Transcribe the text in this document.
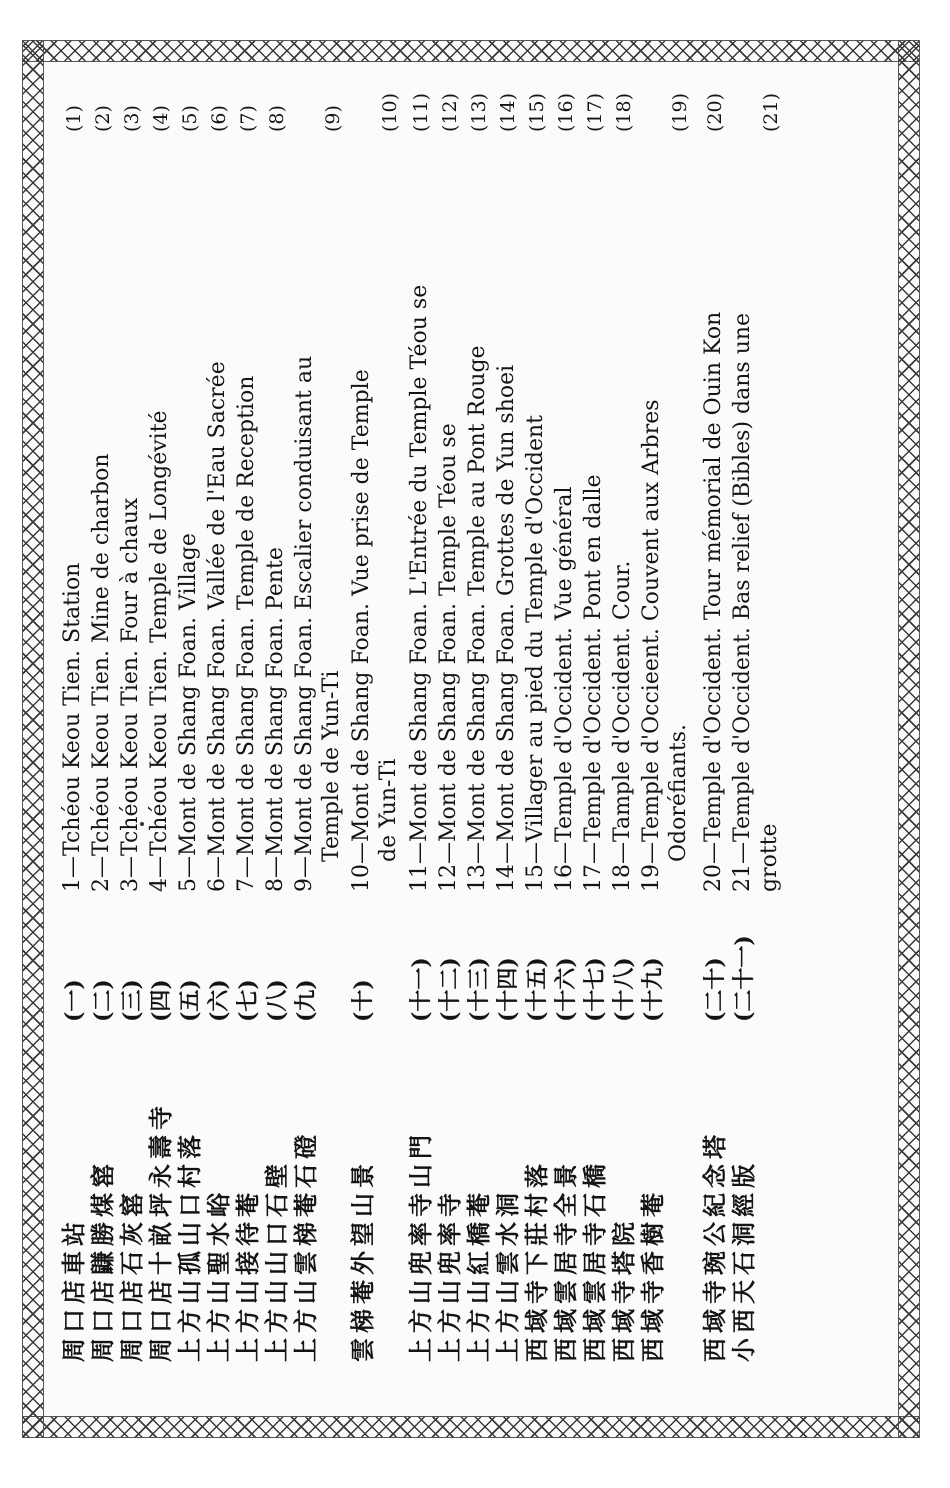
周口店車站
(一)
1—Tchéou Keou Tien. Station
(1)
周口店鼸勝煤窰
(二)
2—Tchéou Keou Tien. Mine de charbon
(2)
周口店石灰窰
(三)
3—Tchéou Keou Tien. Four à chaux
(3)
周口店十畝坪永壽寺
(四)
4—Tchéou Keou Tien. Temple de Longévité
(4)
上方山孤山口村落
(五)
5—Mont de Shang Foan. Village
(5)
上方山聖水峪
(六)
6—Mont de Shang Foan. Vallée de l'Eau Sacrée
(6)
上方山接待菴
(七)
7—Mont de Shang Foan. Temple de Reception
(7)
上方山山口石壁
(八)
8—Mont de Shang Foan. Pente
(8)
上方山雲梯菴石磴
(九)
9—Mont de Shang Foan. Escalier conduisant au Temple de Yun-Ti
(9)
雲梯菴外望山景
(十)
10—Mont de Shang Foan. Vue prise de Temple de Yun-Ti
(10)
上方山兜率寺山門
(十一)
11—Mont de Shang Foan. L'Entrée du Temple Téou se
(11)
上方山兜率寺
(十二)
12—Mont de Shang Foan. Temple Téou se
(12)
上方山紅橋菴
(十三)
13—Mont de Shang Foan. Temple au Pont Rouge
(13)
上方山雲水洞
(十四)
14—Mont de Shang Foan. Grottes de Yun shoei
(14)
西域寺下莊村落
(十五)
15—Villager au pied du Temple d'Occident
(15)
西域雲居寺全景
(十六)
16—Temple d'Occident. Vue général
(16)
西域雲居寺石橋
(十七)
17—Temple d'Occident. Pont en dalle
(17)
西域寺塔院
(十八)
18—Tample d'Occident. Cour.
(18)
西域寺香樹菴
(十九)
19—Temple d'Occieent. Couvent aux Arbres Odoréfiants.
(19)
西域寺琬公紀念塔
(二十)
20—Temple d'Occident. Tour mémorial de Ouin Kon
(20)
小西天石洞經版
(二十一)
21—Temple d'Occident. Bas relief (Bibles) dans une grotte
(21)
